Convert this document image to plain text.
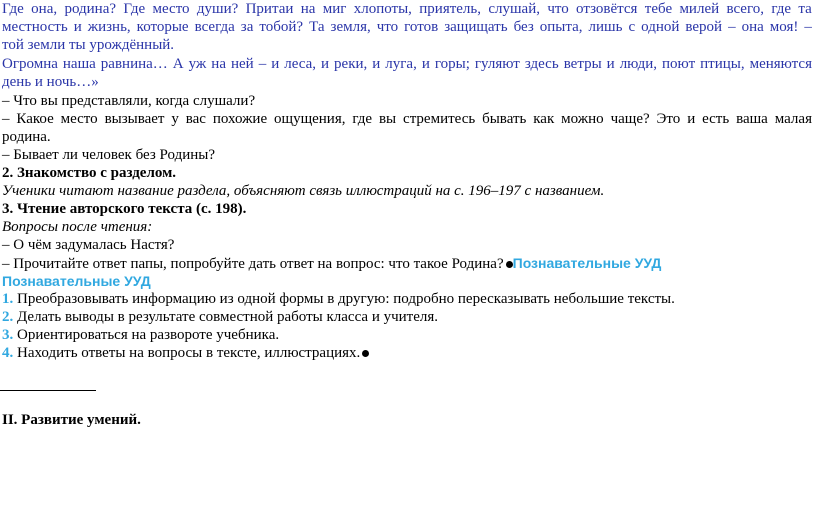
Где она, родина? Где место души? Притаи на миг хлопоты, приятель, слушай, что отзовётся тебе милей всего, где та
местность и жизнь, которые всегда за тобой? Та земля, что готов защищать без опыта, лишь с одной верой – она моя! –
той земли ты урождённый.
Огромна наша равнина… А уж на ней – и леса, и реки, и луга, и горы; гуляют здесь ветры и люди, поют птицы, меняются
день и ночь…»
– Что вы представляли, когда слушали?
– Какое место вызывает у вас похожие ощущения, где вы стремитесь бывать как можно чаще? Это и есть ваша малая
родина.
– Бывает ли человек без Родины?
2. Знакомство с разделом.
Ученики читают название раздела, объясняют связь иллюстраций на с. 196–197 с названием.
3. Чтение авторского текста (с. 198).
Вопросы после чтения:
– О чём задумалась Настя?
– Прочитайте ответ папы, попробуйте дать ответ на вопрос: что такое Родина? Познавательные УУД
Познавательные УУД
1. Преобразовывать информацию из одной формы в другую: подробно пересказывать небольшие тексты.
2. Делать выводы в результате совместной работы класса и учителя.
3. Ориентироваться на развороте учебника.
4. Находить ответы на вопросы в тексте, иллюстрациях.
II. Развитие умений.
